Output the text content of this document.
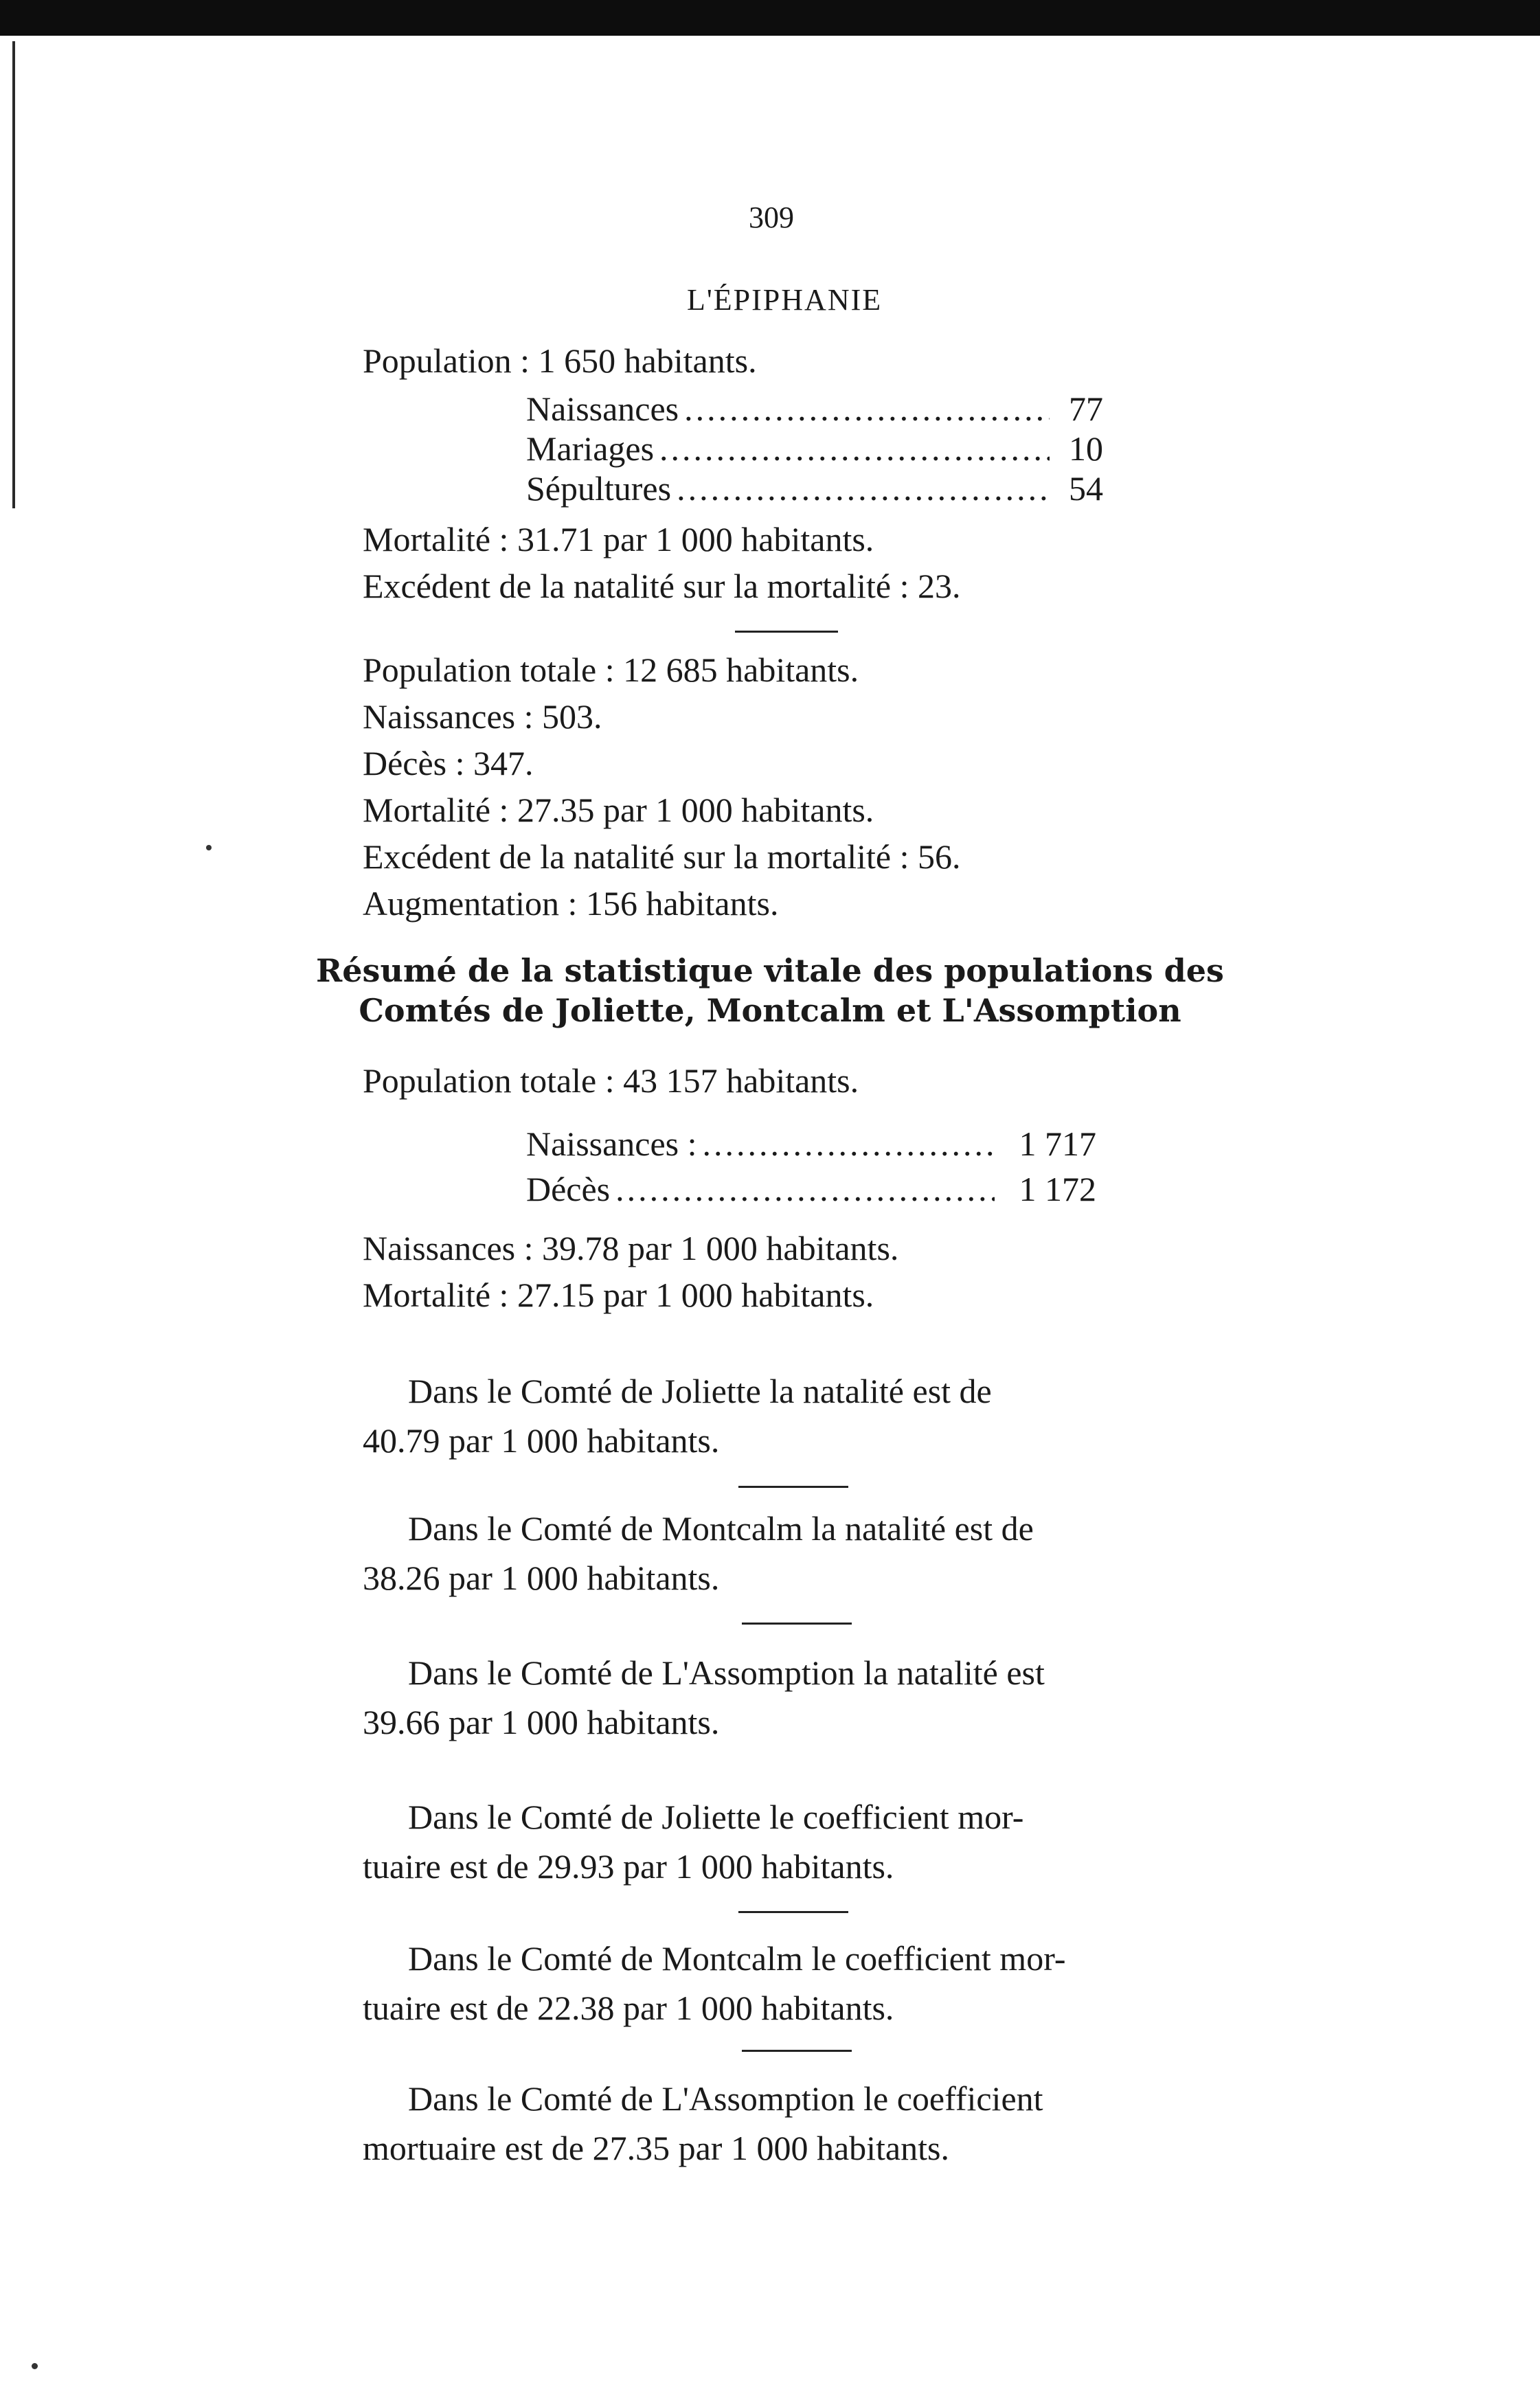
309
L'ÉPIPHANIE
Population : 1 650 habitants.
Naissances .....	77
Mariages .....	10
Sépultures .....	54
Mortalité : 31.71 par 1 000 habitants.
Excédent de la natalité sur la mortalité : 23.
Population totale : 12 685 habitants.
Naissances : 503.
Décès : 347.
Mortalité : 27.35 par 1 000 habitants.
Excédent de la natalité sur la mortalité : 56.
Augmentation : 156 habitants.
Résumé de la statistique vitale des populations des
Comtés de Joliette, Montcalm et L'Assomption
Population totale : 43 157 habitants.
Naissances : .....	1 717
Décès .....	1 172
Naissances : 39.78 par 1 000 habitants.
Mortalité : 27.15 par 1 000 habitants.
Dans le Comté de Joliette la natalité est de
40.79 par 1 000 habitants.
Dans le Comté de Montcalm la natalité est de
38.26 par 1 000 habitants.
Dans le Comté de L'Assomption la natalité est
39.66 par 1 000 habitants.
Dans le Comté de Joliette le coefficient mor-
tuaire est de 29.93 par 1 000 habitants.
Dans le Comté de Montcalm le coefficient mor-
tuaire est de 22.38 par 1 000 habitants.
Dans le Comté de L'Assomption le coefficient
mortuaire est de 27.35 par 1 000 habitants.
